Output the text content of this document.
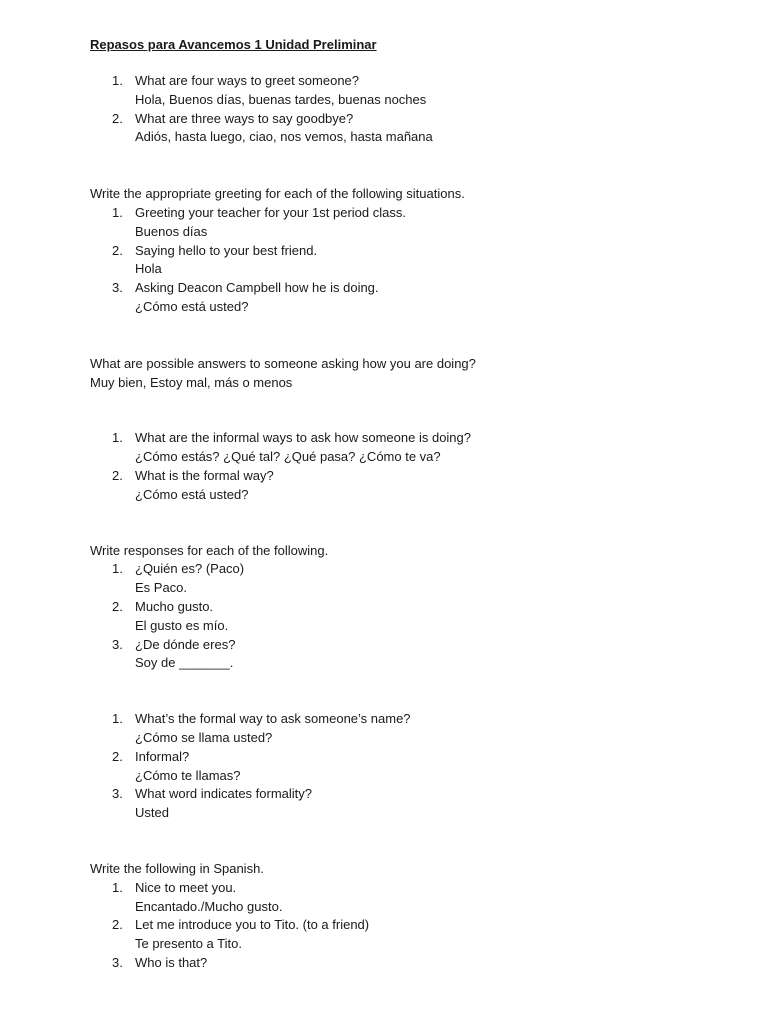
Repasos para Avancemos 1 Unidad Preliminar

1. What are four ways to greet someone?
Hola, Buenos días, buenas tardes, buenas noches
2. What are three ways to say goodbye?
Adiós, hasta luego, ciao, nos vemos, hasta mañana

Write the appropriate greeting for each of the following situations.

1. Greeting your teacher for your 1st period class.
Buenos días
2. Saying hello to your best friend.
Hola
3. Asking Deacon Campbell how he is doing.
¿Cómo está usted?

What are possible answers to someone asking how you are doing?

Muy bien, Estoy mal, más o menos

1. What are the informal ways to ask how someone is doing?
¿Cómo estás? ¿Qué tal? ¿Qué pasa? ¿Cómo te va?
2. What is the formal way?
¿Cómo está usted?

Write responses for each of the following.

1. ¿Quién es? (Paco)
Es Paco.
2. Mucho gusto.
El gusto es mío.
3. ¿De dónde eres?
Soy de _______.
1. What’s the formal way to ask someone’s name?
¿Cómo se llama usted?
2. Informal?
¿Cómo te llamas?
3. What word indicates formality?
Usted

Write the following in Spanish.

1. Nice to meet you.
Encantado./Mucho gusto.
2. Let me introduce you to Tito. (to a friend)
Te presento a Tito.
3. Who is that?
